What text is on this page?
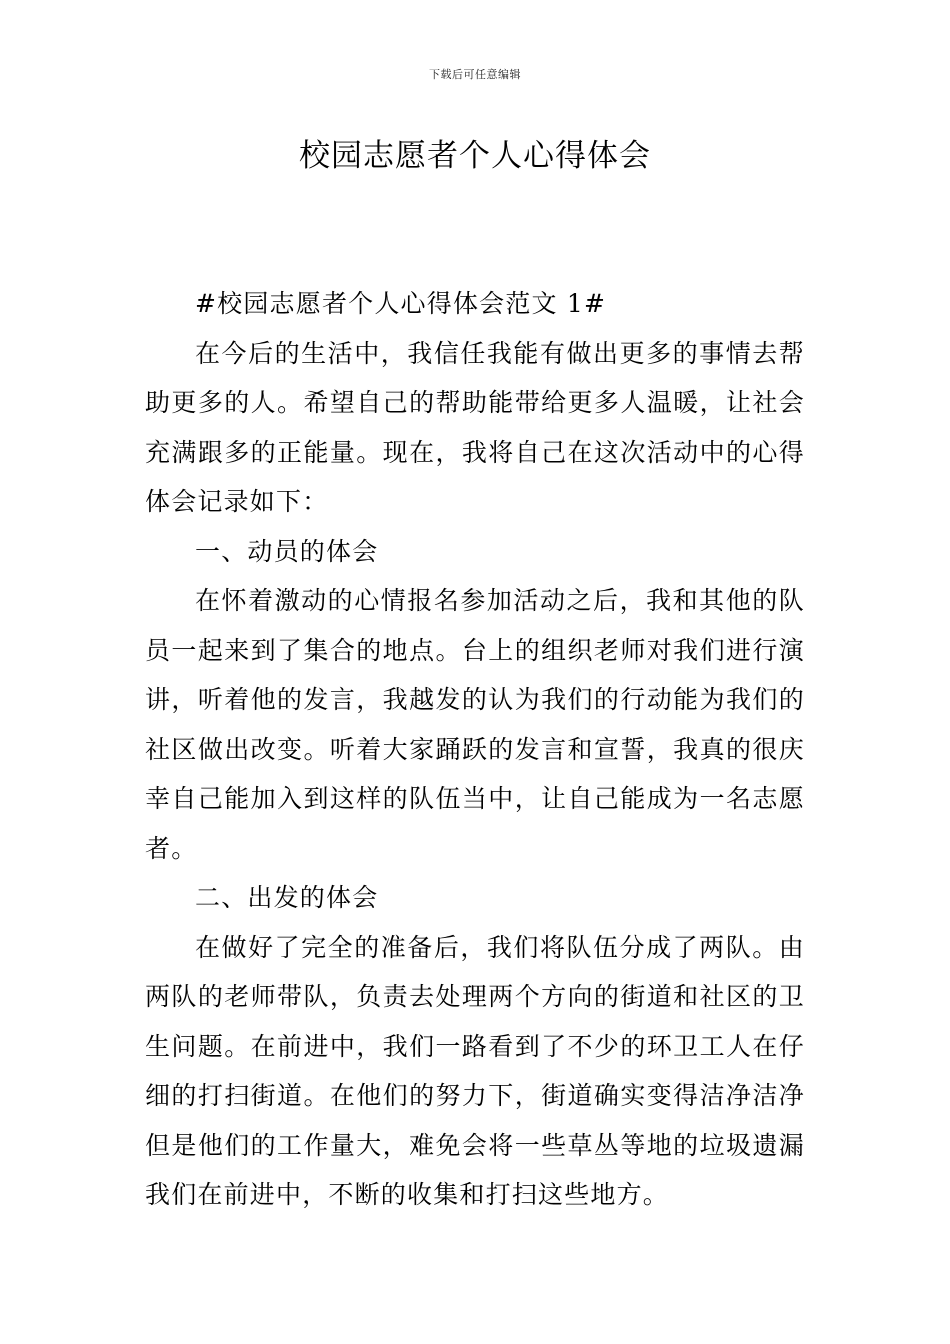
下载后可任意编辑
校园志愿者个人心得体会

#校园志愿者个人心得体会范文 1#

在今后的生活中，我信任我能有做出更多的事情去帮助更多的人。希望自己的帮助能带给更多人温暖，让社会充满跟多的正能量。现在，我将自己在这次活动中的心得体会记录如下：

一、动员的体会

在怀着激动的心情报名参加活动之后，我和其他的队员一起来到了集合的地点。台上的组织老师对我们进行演讲，听着他的发言，我越发的认为我们的行动能为我们的社区做出改变。听着大家踊跃的发言和宣誓，我真的很庆幸自己能加入到这样的队伍当中，让自己能成为一名志愿者。

二、出发的体会

在做好了完全的准备后，我们将队伍分成了两队。由两队的老师带队，负责去处理两个方向的街道和社区的卫生问题。在前进中，我们一路看到了不少的环卫工人在仔细的打扫街道。在他们的努力下，街道确实变得洁净洁净但是他们的工作量大，难免会将一些草丛等地的垃圾遗漏我们在前进中，不断的收集和打扫这些地方。
